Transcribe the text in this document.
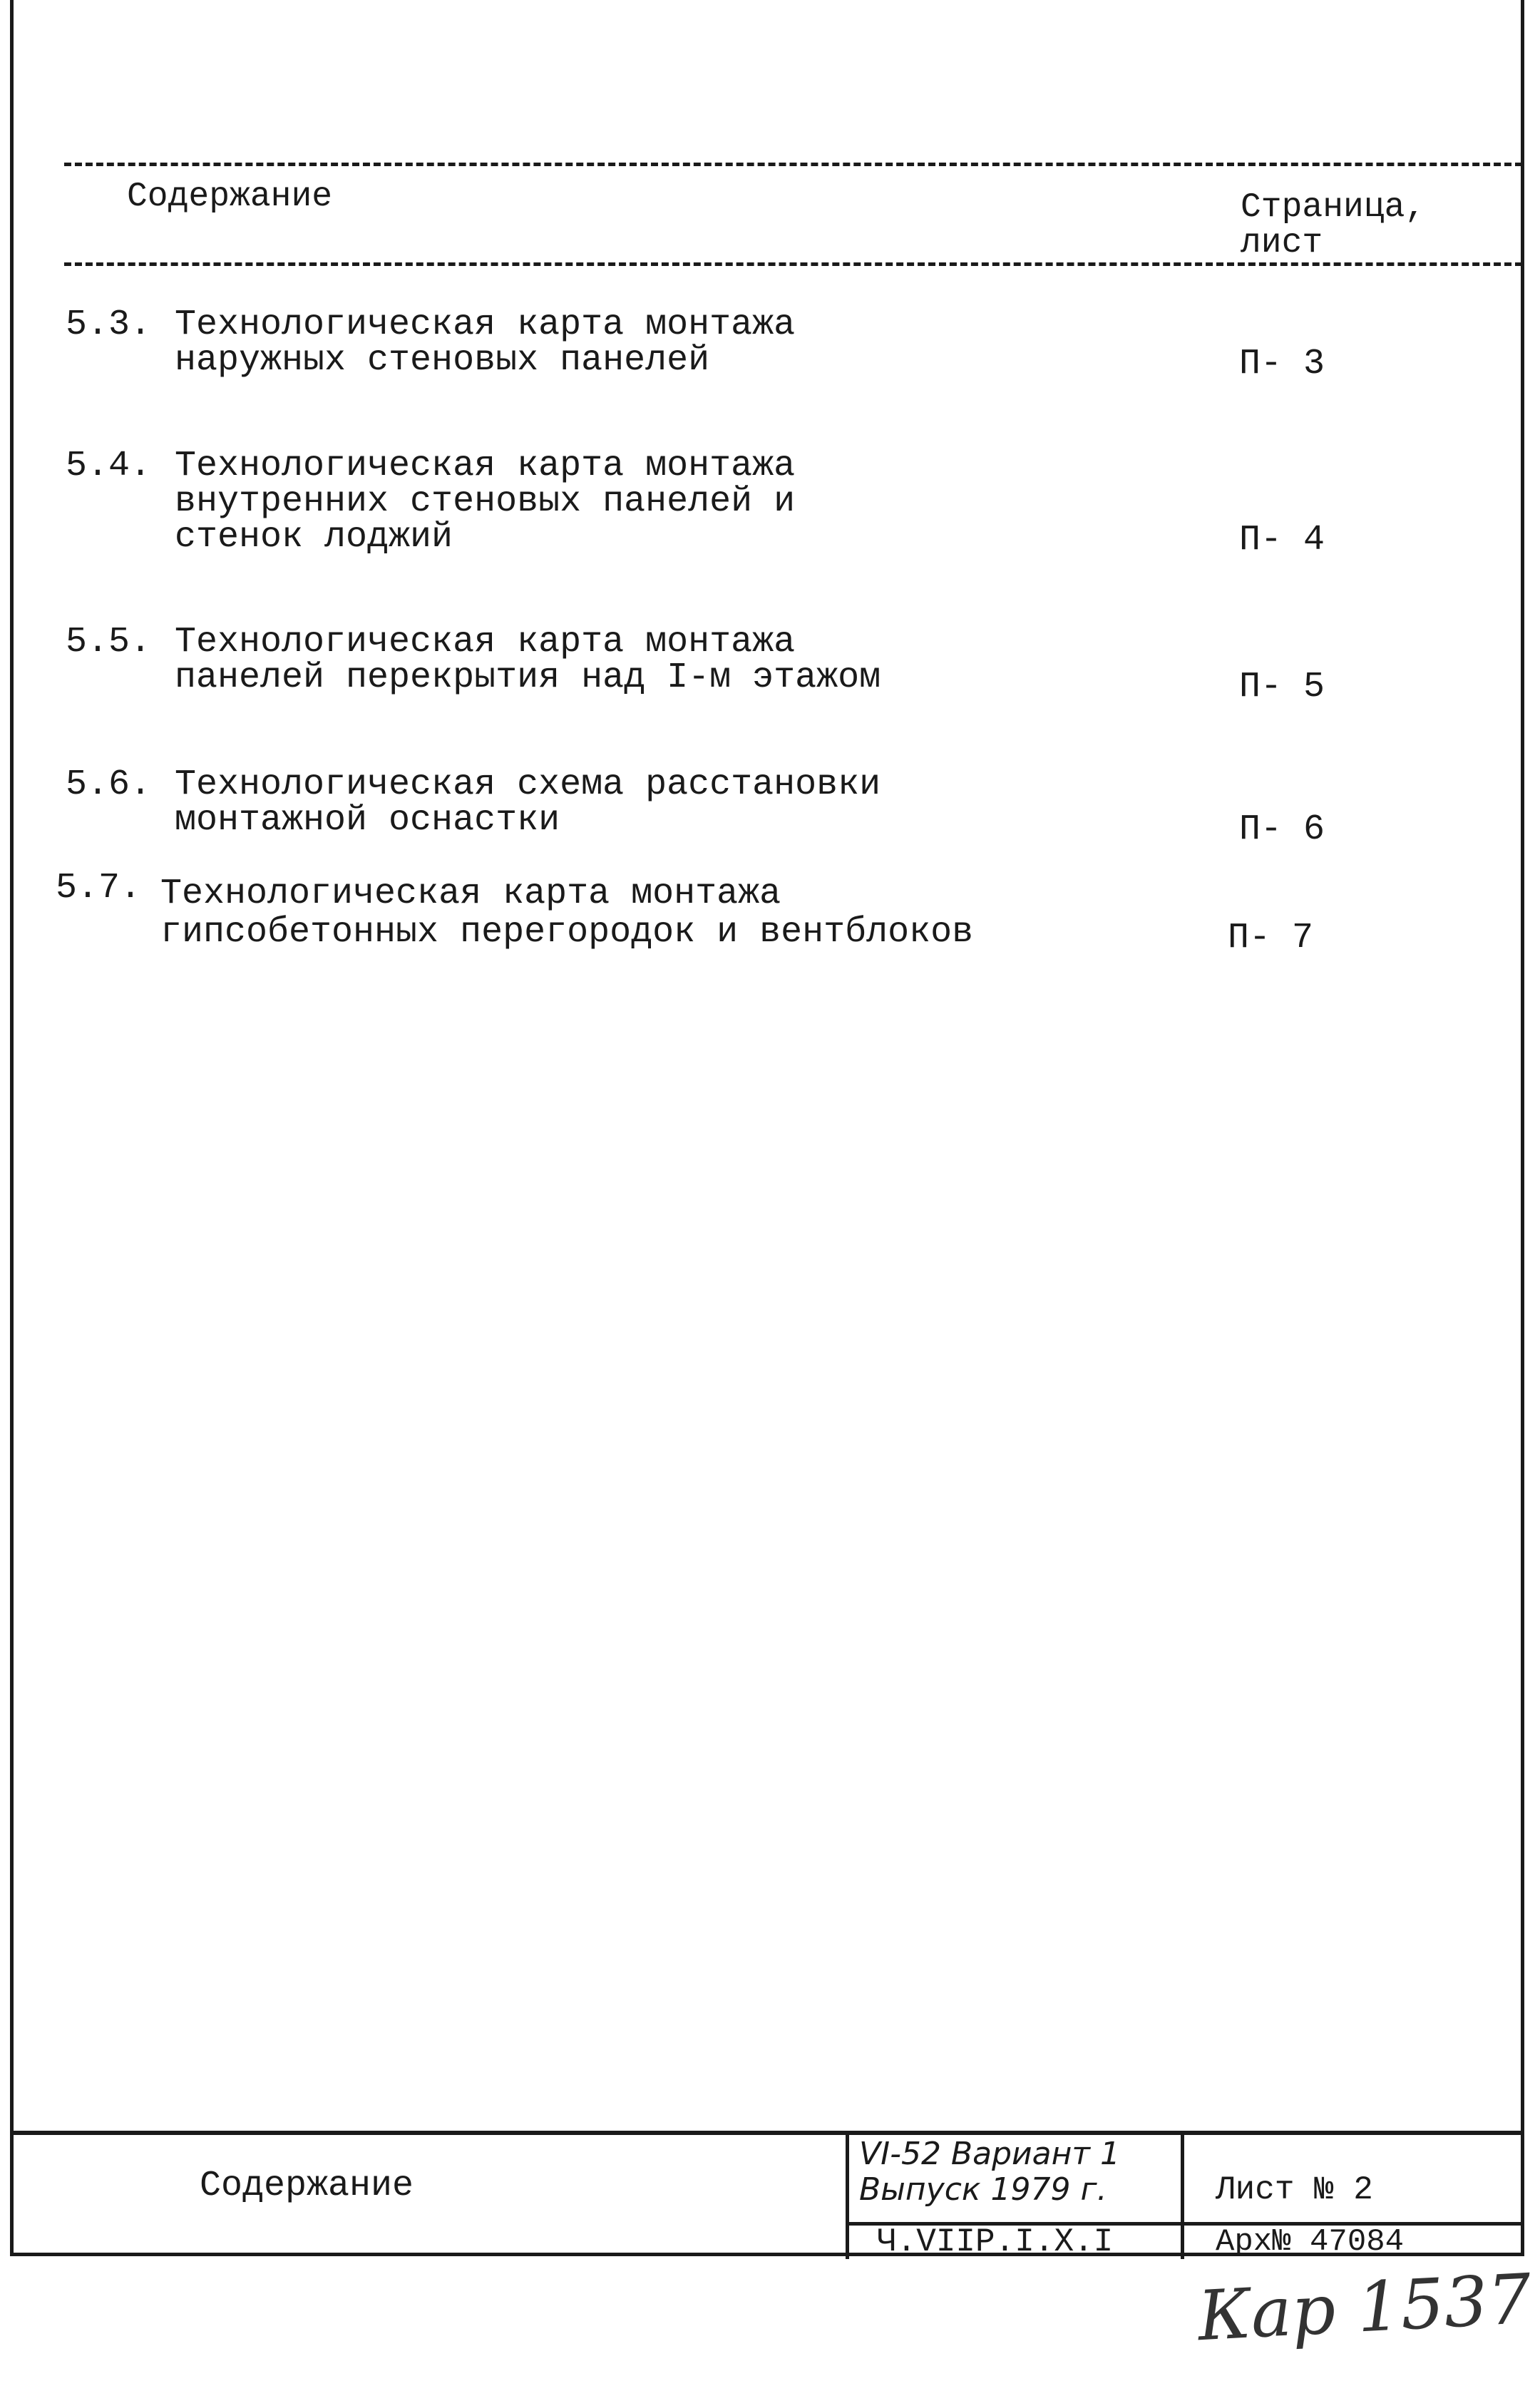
Содержание	Страница,
лист
5.3. Технологическая карта монтажа
наружных стеновых панелей	П- 3
5.4. Технологическая карта монтажа
внутренних стеновых панелей и
стенок лоджий	П- 4
5.5. Технологическая карта монтажа
панелей перекрытия над I-м этажом	П- 5
5.6. Технологическая схема расстановки
монтажной оснастки	П- 6
5.7. Технологическая карта монтажа
гипсобетонных перегородок и вентблоков	П- 7
Содержание
VI-52 Вариант 1
Выпуск 1979 г.
Ч.VIIР.I.Х.I
Лист № 2
Арх№ 47084
Кар 1537
